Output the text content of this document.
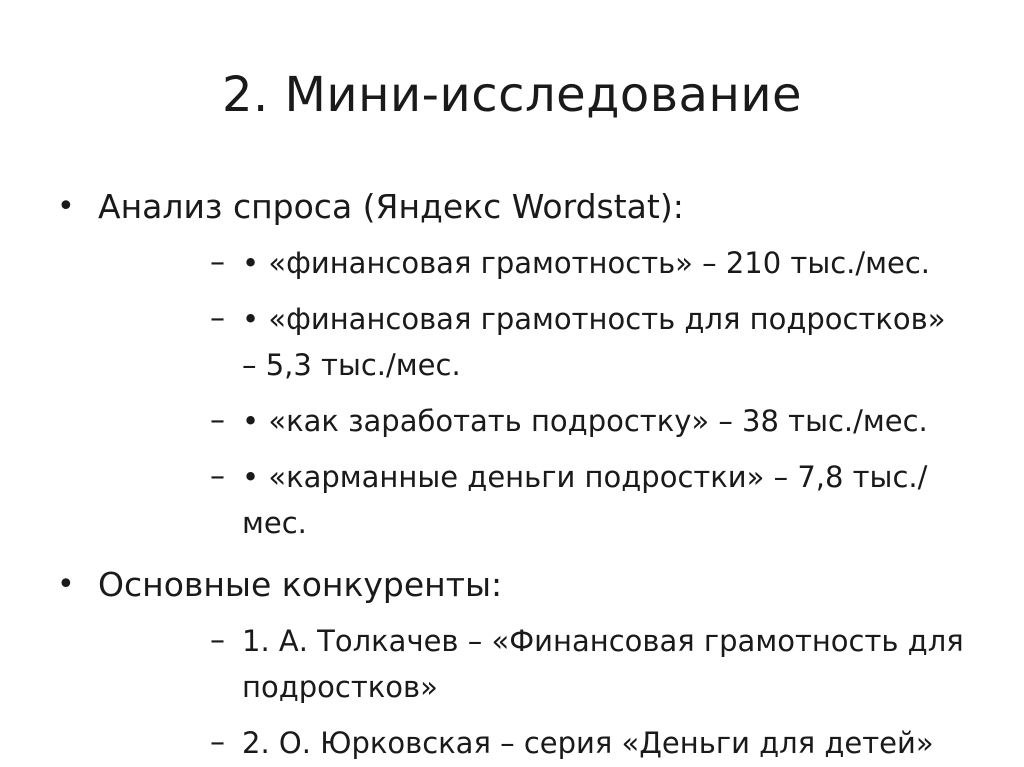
2. Мини-исследование
• Анализ спроса (Яндекс Wordstat):
– • «финансовая грамотность» – 210 тыс./мес.
– • «финансовая грамотность для подростков» – 5,3 тыс./мес.
– • «как заработать подростку» – 38 тыс./мес.
– • «карманные деньги подростки» – 7,8 тыс./мес.
• Основные конкуренты:
– 1. А. Толкачев – «Финансовая грамотность для подростков»
– 2. О. Юрковская – серия «Деньги для детей»
